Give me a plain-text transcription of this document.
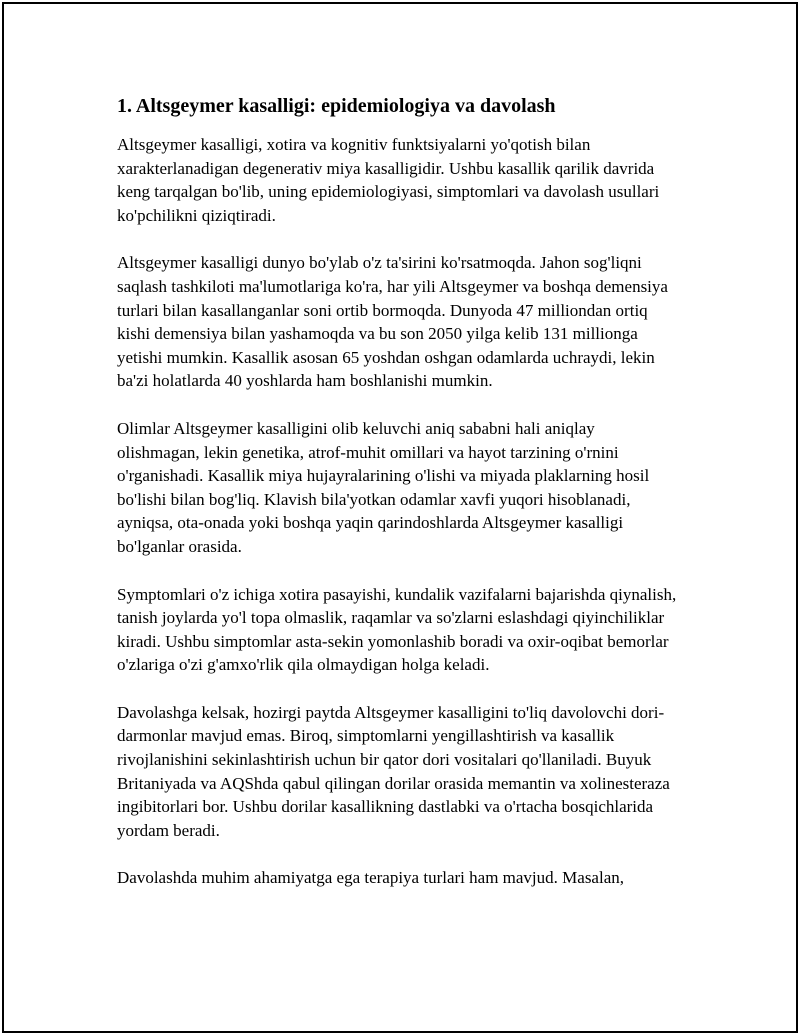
1. Altsgeymer kasalligi: epidemiologiya va davolash

Altsgeymer kasalligi, xotira va kognitiv funktsiyalarni yo'qotish bilan xarakterlanadigan degenerativ miya kasalligidir. Ushbu kasallik qarilik davrida keng tarqalgan bo'lib, uning epidemiologiyasi, simptomlari va davolash usullari ko'pchilikni qiziqtiradi.

Altsgeymer kasalligi dunyo bo'ylab o'z ta'sirini ko'rsatmoqda. Jahon sog'liqni saqlash tashkiloti ma'lumotlariga ko'ra, har yili Altsgeymer va boshqa demensiya turlari bilan kasallanganlar soni ortib bormoqda. Dunyoda 47 milliondan ortiq kishi demensiya bilan yashamoqda va bu son 2050 yilga kelib 131 millionga yetishi mumkin. Kasallik asosan 65 yoshdan oshgan odamlarda uchraydi, lekin ba'zi holatlarda 40 yoshlarda ham boshlanishi mumkin.

Olimlar Altsgeymer kasalligini olib keluvchi aniq sababni hali aniqlay olishmagan, lekin genetika, atrof-muhit omillari va hayot tarzining o'rnini o'rganishadi. Kasallik miya hujayralarining o'lishi va miyada plaklarning hosil bo'lishi bilan bog'liq. Klavish bila'yotkan odamlar xavfi yuqori hisoblanadi, ayniqsa, ota-onada yoki boshqa yaqin qarindoshlarda Altsgeymer kasalligi bo'lganlar orasida.

Symptomlari o'z ichiga xotira pasayishi, kundalik vazifalarni bajarishda qiynalish, tanish joylarda yo'l topa olmaslik, raqamlar va so'zlarni eslashdagi qiyinchiliklar kiradi. Ushbu simptomlar asta-sekin yomonlashib boradi va oxir-oqibat bemorlar o'zlariga o'zi g'amxo'rlik qila olmaydigan holga keladi.

Davolashga kelsak, hozirgi paytda Altsgeymer kasalligini to'liq davolovchi dori-darmonlar mavjud emas. Biroq, simptomlarni yengillashtirish va kasallik rivojlanishini sekinlashtirish uchun bir qator dori vositalari qo'llaniladi. Buyuk Britaniyada va AQShda qabul qilingan dorilar orasida memantin va xolinesteraza ingibitorlari bor. Ushbu dorilar kasallikning dastlabki va o'rtacha bosqichlarida yordam beradi.

Davolashda muhim ahamiyatga ega terapiya turlari ham mavjud. Masalan,
